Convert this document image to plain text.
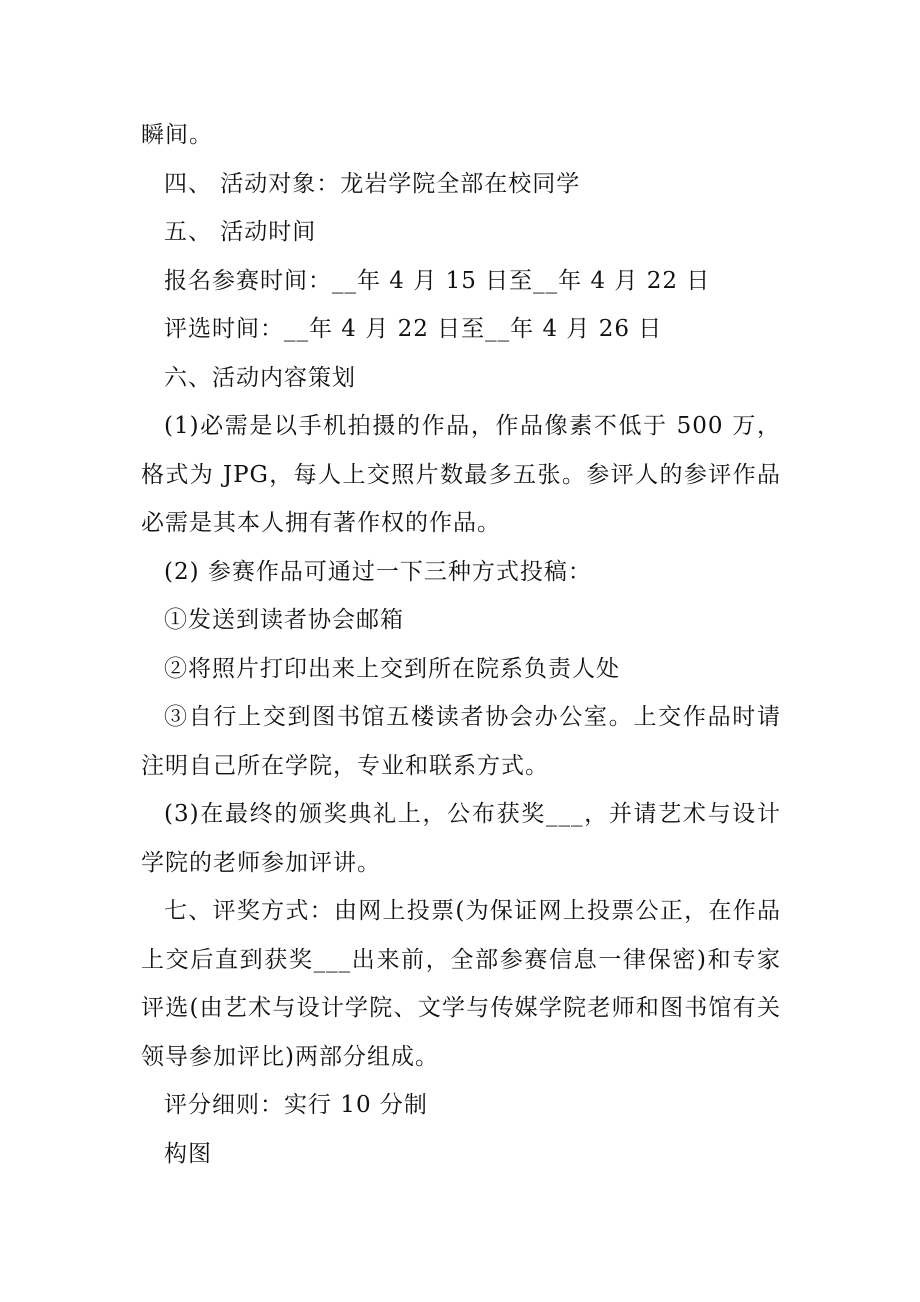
瞬间。

四、 活动对象：龙岩学院全部在校同学

五、 活动时间

报名参赛时间：__年 4 月 15 日至__年 4 月 22 日

评选时间：__年 4 月 22 日至__年 4 月 26 日

六、活动内容策划

(1)必需是以手机拍摄的作品，作品像素不低于 500 万，格式为 JPG，每人上交照片数最多五张。参评人的参评作品必需是其本人拥有著作权的作品。

(2) 参赛作品可通过一下三种方式投稿：

①发送到读者协会邮箱

②将照片打印出来上交到所在院系负责人处

③自行上交到图书馆五楼读者协会办公室。上交作品时请注明自己所在学院，专业和联系方式。

(3)在最终的颁奖典礼上，公布获奖___，并请艺术与设计学院的老师参加评讲。

七、评奖方式：由网上投票(为保证网上投票公正，在作品上交后直到获奖___出来前，全部参赛信息一律保密)和专家评选(由艺术与设计学院、文学与传媒学院老师和图书馆有关领导参加评比)两部分组成。

评分细则：实行 10 分制

构图
